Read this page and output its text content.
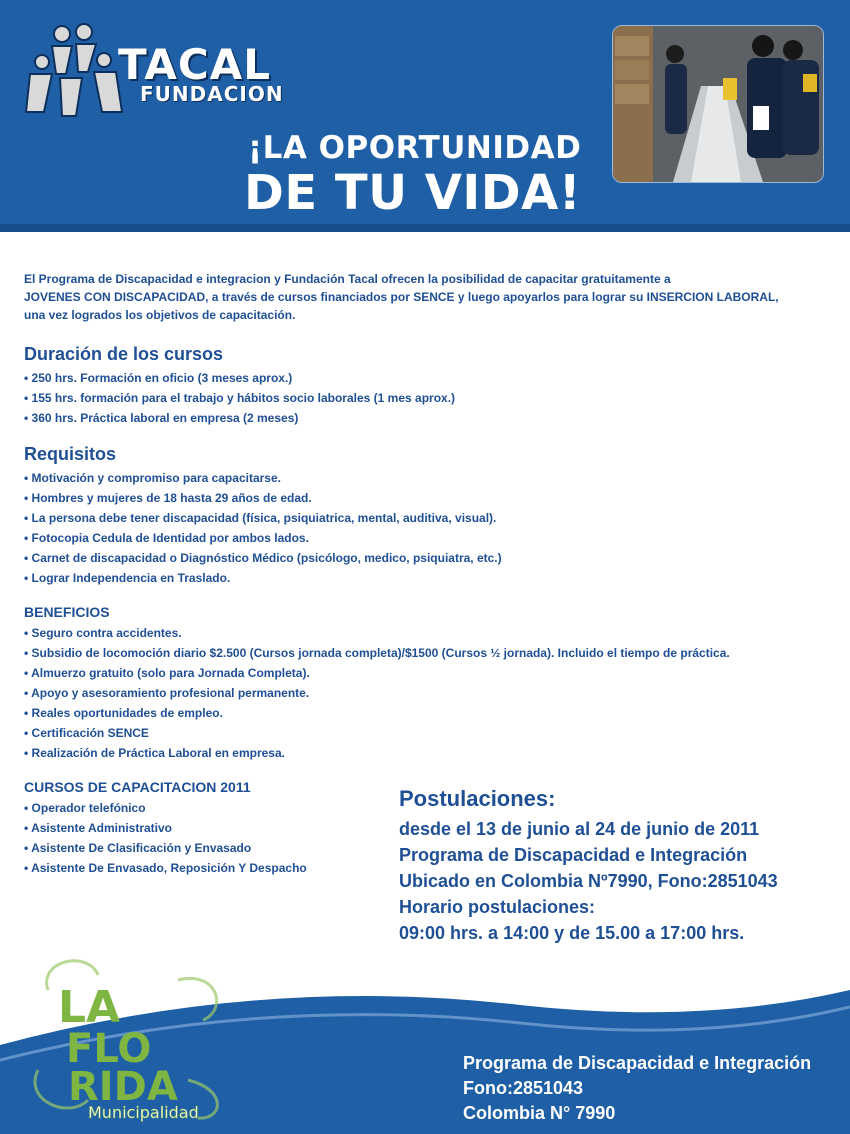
TACAL
FUNDACION
¡LA OPORTUNIDAD
DE TU VIDA!
El Programa de Discapacidad e integracion y Fundación Tacal ofrecen la posibilidad de capacitar gratuitamente a
JOVENES CON DISCAPACIDAD, a través de cursos financiados por SENCE y luego apoyarlos para lograr su INSERCION LABORAL,
una vez logrados los objetivos de capacitación.
Duración de los cursos
• 250 hrs. Formación en oficio (3 meses aprox.)
• 155 hrs. formación para el trabajo y hábitos socio laborales (1 mes aprox.)
• 360 hrs. Práctica laboral en empresa (2 meses)
Requisitos
• Motivación y compromiso para capacitarse.
• Hombres y mujeres de 18 hasta 29 años de edad.
• La persona debe tener discapacidad (física, psiquiatrica, mental, auditiva, visual).
• Fotocopia Cedula de Identidad por ambos lados.
• Carnet de discapacidad o Diagnóstico Médico (psicólogo, medico, psiquiatra, etc.)
• Lograr Independencia en Traslado.
BENEFICIOS
• Seguro contra accidentes.
• Subsidio de locomoción diario $2.500 (Cursos jornada completa)/$1500 (Cursos ½ jornada). Incluido el tiempo de práctica.
• Almuerzo gratuito (solo para Jornada Completa).
• Apoyo y asesoramiento profesional permanente.
• Reales oportunidades de empleo.
• Certificación SENCE
• Realización de Práctica Laboral en empresa.
CURSOS DE CAPACITACION 2011
• Operador telefónico
• Asistente Administrativo
• Asistente De Clasificación y Envasado
• Asistente De Envasado, Reposición Y Despacho
Postulaciones:
desde el 13 de junio al 24 de junio de 2011
Programa de Discapacidad e Integración
Ubicado en Colombia Nº7990, Fono:2851043
Horario postulaciones:
09:00 hrs. a 14:00 y de 15.00 a 17:00 hrs.
Programa de Discapacidad e Integración
Fono:2851043
Colombia N° 7990
LA
FLO
RIDA
Municipalidad
